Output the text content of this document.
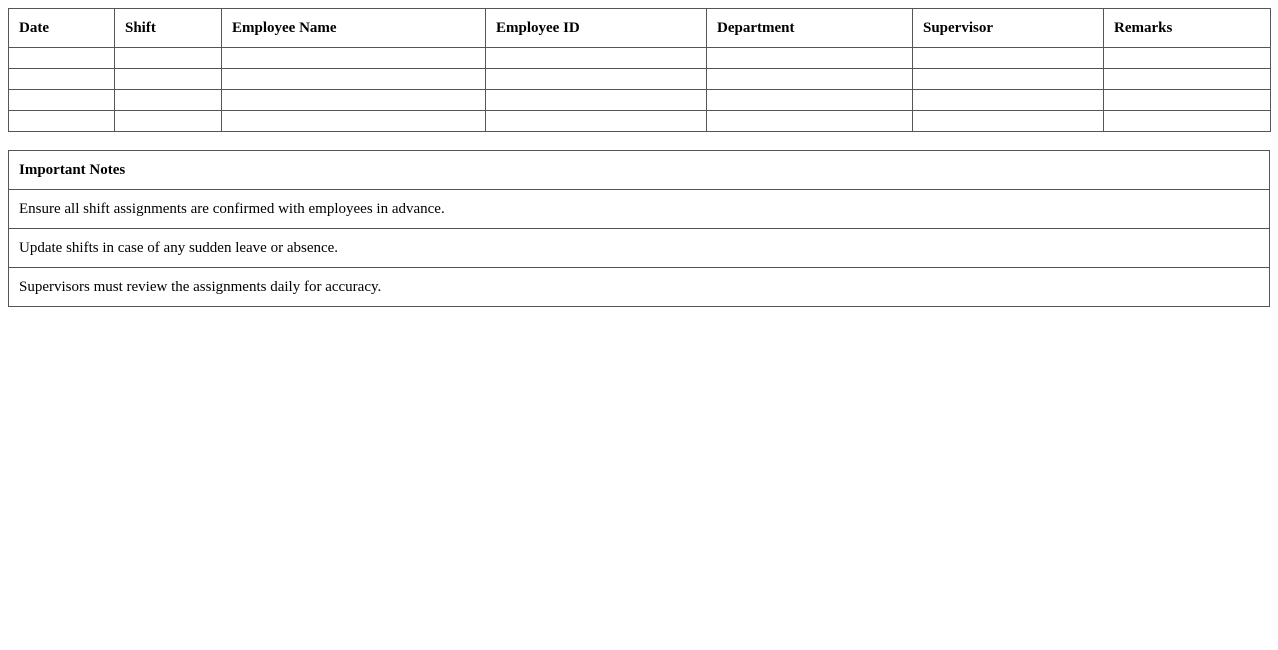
Date	Shift	Employee Name	Employee ID	Department	Supervisor	Remarks

Important Notes
Ensure all shift assignments are confirmed with employees in advance.
Update shifts in case of any sudden leave or absence.
Supervisors must review the assignments daily for accuracy.
